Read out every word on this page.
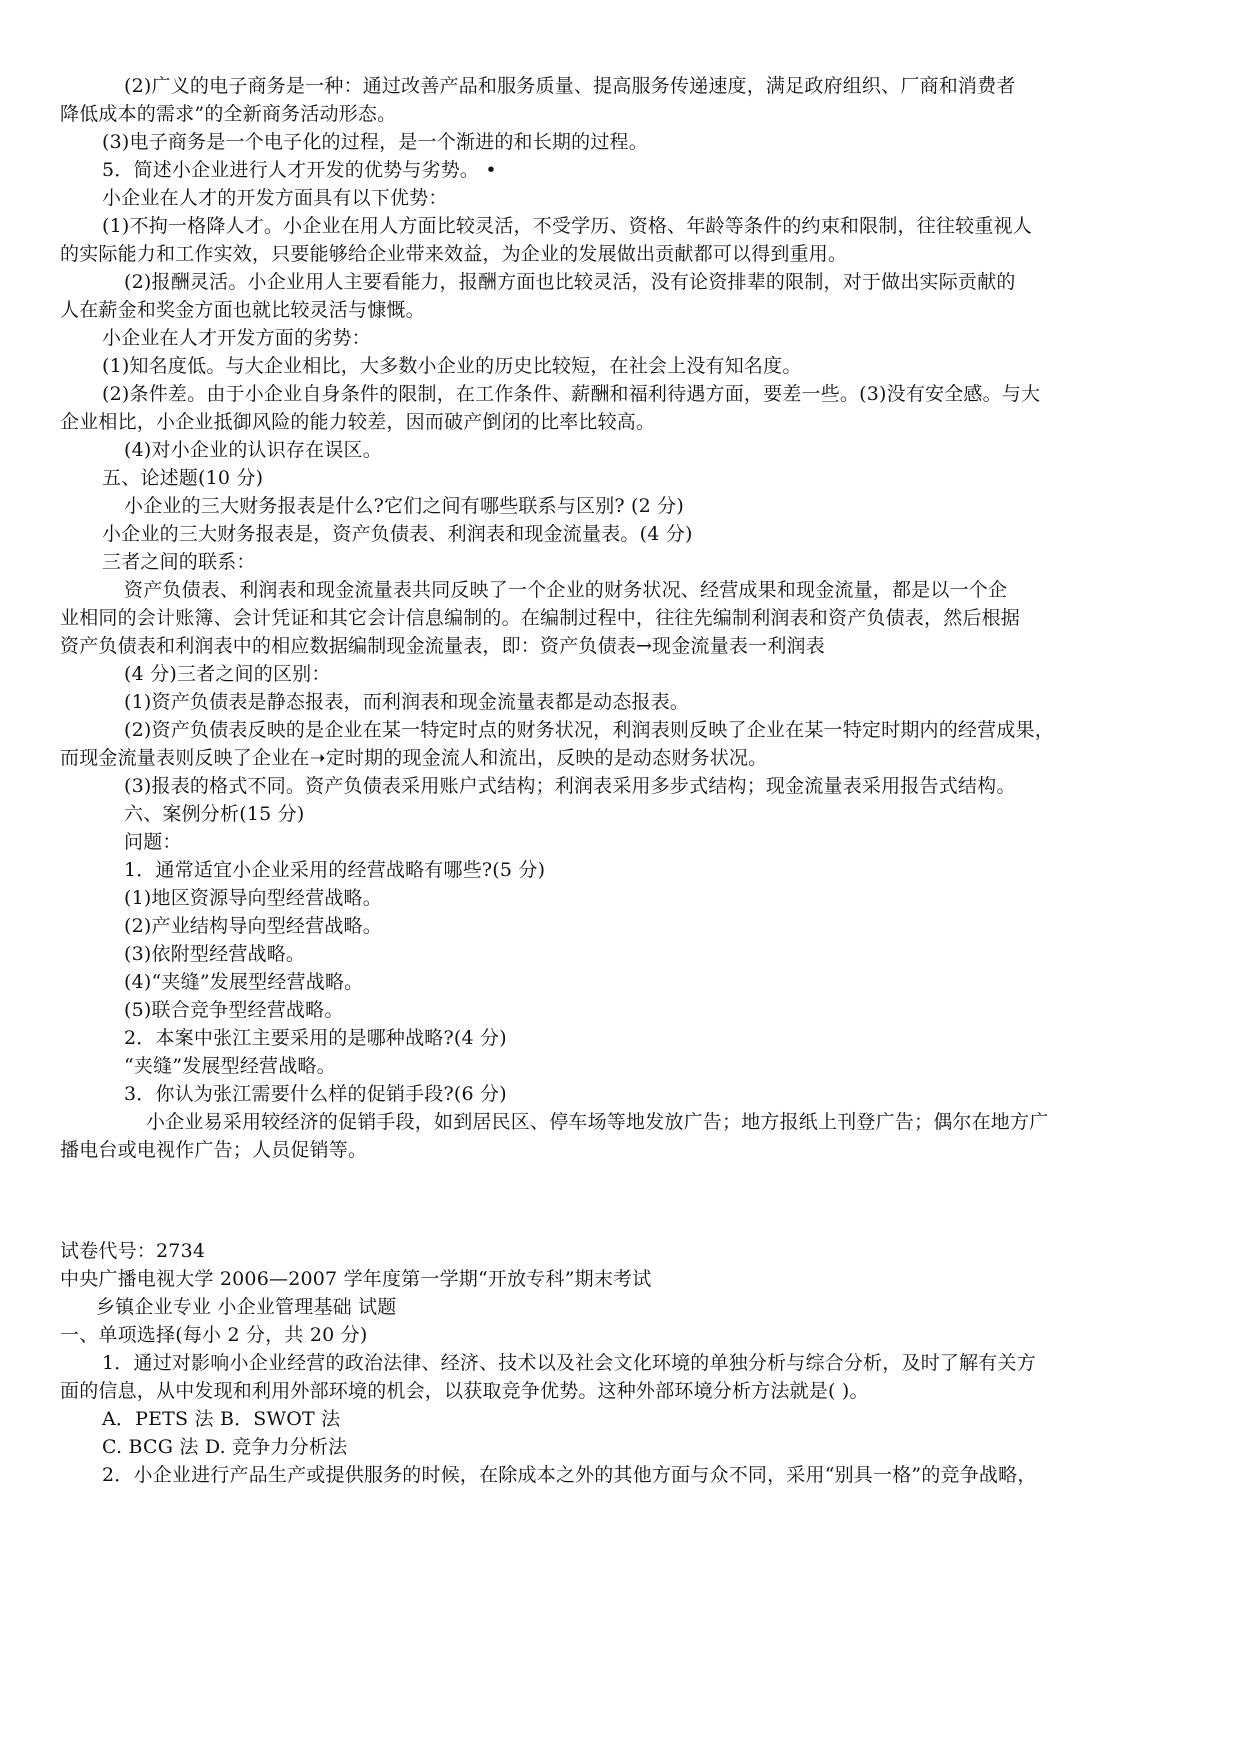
(2)广义的电子商务是一种：通过改善产品和服务质量、提高服务传递速度，满足政府组织、厂商和消费者
降低成本的需求”的全新商务活动形态。
(3)电子商务是一个电子化的过程，是一个渐进的和长期的过程。
5．简述小企业进行人才开发的优势与劣势。 •
小企业在人才的开发方面具有以下优势：
(1)不拘一格降人才。小企业在用人方面比较灵活，不受学历、资格、年龄等条件的约束和限制，往往较重视人
的实际能力和工作实效，只要能够给企业带来效益，为企业的发展做出贡献都可以得到重用。
(2)报酬灵活。小企业用人主要看能力，报酬方面也比较灵活，没有论资排辈的限制，对于做出实际贡献的
人在薪金和奖金方面也就比较灵活与慷慨。
小企业在人才开发方面的劣势：
(1)知名度低。与大企业相比，大多数小企业的历史比较短，在社会上没有知名度。
(2)条件差。由于小企业自身条件的限制，在工作条件、薪酬和福利待遇方面，要差一些。(3)没有安全感。与大
企业相比，小企业抵御风险的能力较差，因而破产倒闭的比率比较高。
(4)对小企业的认识存在误区。
五、论述题(10 分)
小企业的三大财务报表是什么?它们之间有哪些联系与区别? (2 分)
小企业的三大财务报表是，资产负债表、利润表和现金流量表。(4 分)
三者之间的联系：
资产负债表、利润表和现金流量表共同反映了一个企业的财务状况、经营成果和现金流量，都是以一个企
业相同的会计账簿、会计凭证和其它会计信息编制的。在编制过程中，往往先编制利润表和资产负债表，然后根据
资产负债表和利润表中的相应数据编制现金流量表，即：资产负债表→现金流量表一利润表
(4 分)三者之间的区别：
(1)资产负债表是静态报表，而利润表和现金流量表都是动态报表。
(2)资产负债表反映的是企业在某一特定时点的财务状况，利润表则反映了企业在某一特定时期内的经营成果，
而现金流量表则反映了企业在➝定时期的现金流人和流出，反映的是动态财务状况。
(3)报表的格式不同。资产负债表采用账户式结构；利润表采用多步式结构；现金流量表采用报告式结构。
六、案例分析(15 分)
问题：
1．通常适宜小企业采用的经营战略有哪些?(5 分)
(1)地区资源导向型经营战略。
(2)产业结构导向型经营战略。
(3)依附型经营战略。
(4)“夹缝”发展型经营战略。
(5)联合竞争型经营战略。
2．本案中张江主要采用的是哪种战略?(4 分)
“夹缝”发展型经营战略。
3．你认为张江需要什么样的促销手段?(6 分)
小企业易采用较经济的促销手段，如到居民区、停车场等地发放广告；地方报纸上刊登广告；偶尔在地方广
播电台或电视作广告；人员促销等。
试卷代号：2734
中央广播电视大学 2006—2007 学年度第一学期“开放专科”期末考试
乡镇企业专业 小企业管理基础 试题
一、单项选择(每小 2 分，共 20 分)
1．通过对影响小企业经营的政治法律、经济、技术以及社会文化环境的单独分析与综合分析，及时了解有关方
面的信息，从中发现和利用外部环境的机会，以获取竞争优势。这种外部环境分析方法就是( )。
A．PETS 法 B．SWOT 法
C. BCG 法 D. 竞争力分析法
2．小企业进行产品生产或提供服务的时候，在除成本之外的其他方面与众不同，采用“别具一格”的竞争战略，
